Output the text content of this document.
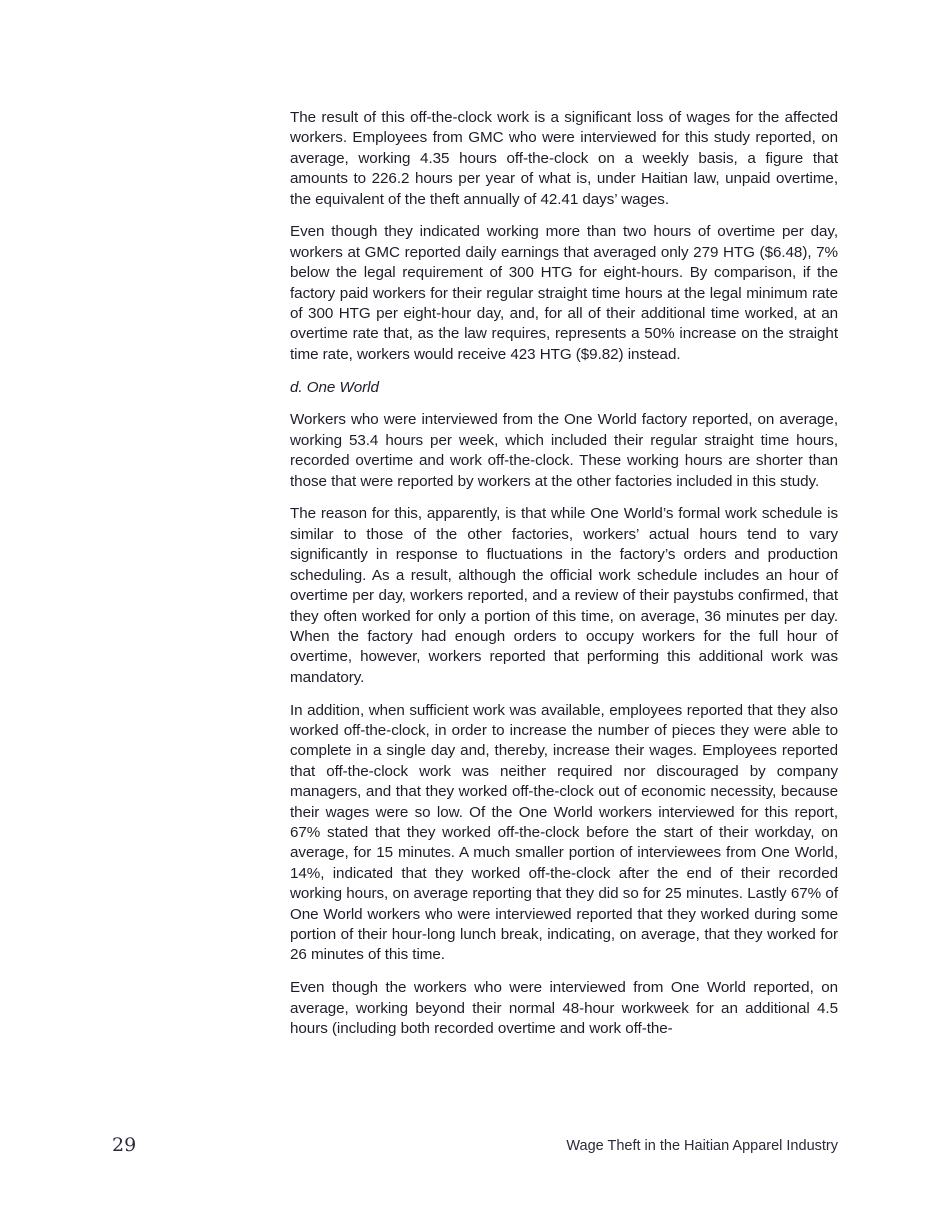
The result of this off-the-clock work is a significant loss of wages for the affected workers. Employees from GMC who were interviewed for this study reported, on average, working 4.35 hours off-the-clock on a weekly basis, a figure that amounts to 226.2 hours per year of what is, under Haitian law, unpaid overtime, the equivalent of the theft annually of 42.41 days’ wages.

Even though they indicated working more than two hours of overtime per day, workers at GMC reported daily earnings that averaged only 279 HTG ($6.48), 7% below the legal requirement of 300 HTG for eight-hours. By comparison, if the factory paid workers for their regular straight time hours at the legal minimum rate of 300 HTG per eight-hour day, and, for all of their additional time worked, at an overtime rate that, as the law requires, represents a 50% increase on the straight time rate, workers would receive 423 HTG ($9.82) instead.

d. One World

Workers who were interviewed from the One World factory reported, on average, working 53.4 hours per week, which included their regular straight time hours, recorded overtime and work off-the-clock. These working hours are shorter than those that were reported by workers at the other factories included in this study.

The reason for this, apparently, is that while One World’s formal work schedule is similar to those of the other factories, workers’ actual hours tend to vary significantly in response to fluctuations in the factory’s orders and production scheduling. As a result, although the official work schedule includes an hour of overtime per day, workers reported, and a review of their paystubs confirmed, that they often worked for only a portion of this time, on average, 36 minutes per day. When the factory had enough orders to occupy workers for the full hour of overtime, however, workers reported that performing this additional work was mandatory.

In addition, when sufficient work was available, employees reported that they also worked off-the-clock, in order to increase the number of pieces they were able to complete in a single day and, thereby, increase their wages. Employees reported that off-the-clock work was neither required nor discouraged by company managers, and that they worked off-the-clock out of economic necessity, because their wages were so low. Of the One World workers interviewed for this report, 67% stated that they worked off-the-clock before the start of their workday, on average, for 15 minutes. A much smaller portion of interviewees from One World, 14%, indicated that they worked off-the-clock after the end of their recorded working hours, on average reporting that they did so for 25 minutes. Lastly 67% of One World workers who were interviewed reported that they worked during some portion of their hour-long lunch break, indicating, on average, that they worked for 26 minutes of this time.

Even though the workers who were interviewed from One World reported, on average, working beyond their normal 48-hour workweek for an additional 4.5 hours (including both recorded overtime and work off-the-

29	Wage Theft in the Haitian Apparel Industry
